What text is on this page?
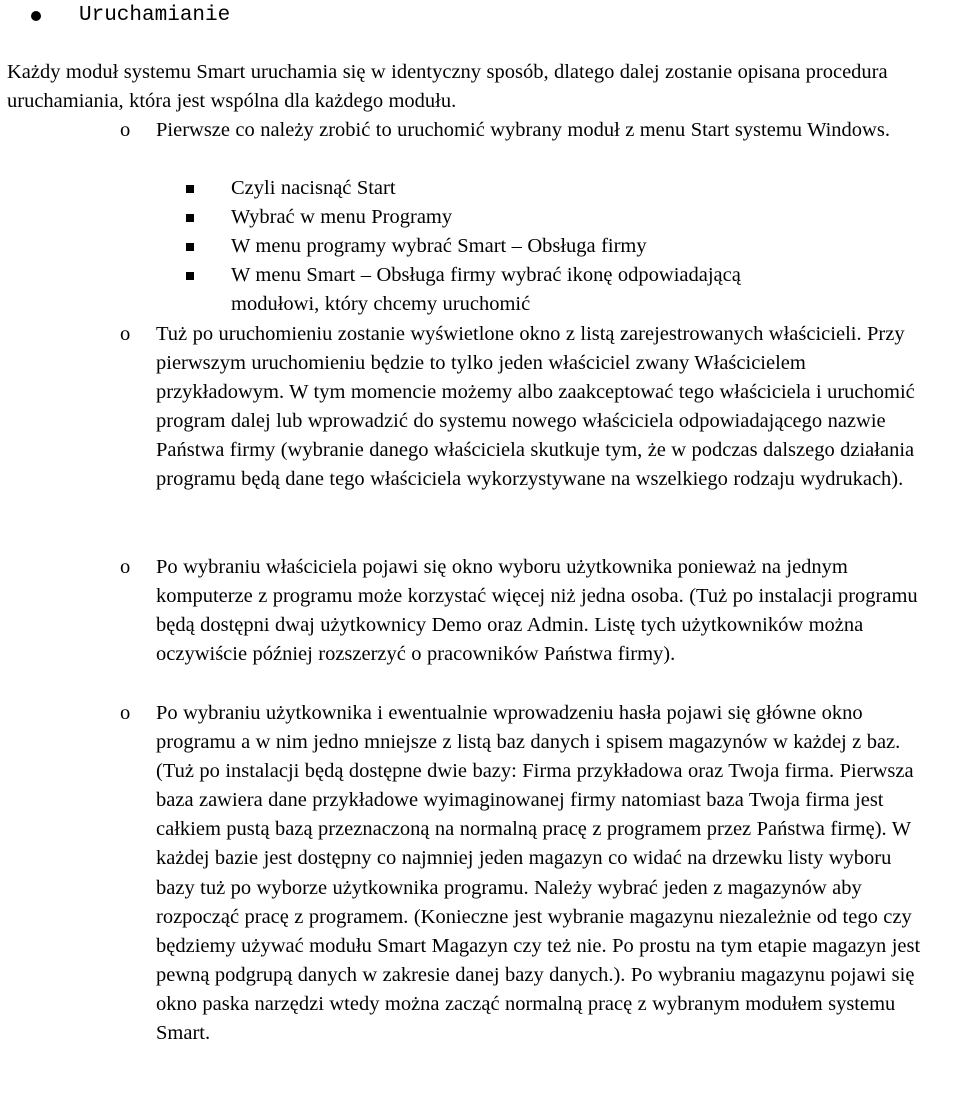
Uruchamianie

Każdy moduł systemu Smart uruchamia się w identyczny sposób, dlatego dalej zostanie opisana procedura uruchamiania, która jest wspólna dla każdego modułu.

o	Pierwsze co należy zrobić to uruchomić wybrany moduł z menu Start systemu Windows.
Czyli nacisnąć Start
Wybrać w menu Programy
W menu programy wybrać Smart – Obsługa firmy
W menu Smart – Obsługa firmy wybrać ikonę odpowiadającą modułowi, który chcemy uruchomić
o	Tuż po uruchomieniu zostanie wyświetlone okno z listą zarejestrowanych właścicieli. Przy pierwszym uruchomieniu będzie to tylko jeden właściciel zwany Właścicielem przykładowym. W tym momencie możemy albo zaakceptować tego właściciela i uruchomić program dalej lub wprowadzić do systemu nowego właściciela odpowiadającego nazwie Państwa firmy (wybranie danego właściciela skutkuje tym, że w podczas dalszego działania programu będą dane tego właściciela wykorzystywane na wszelkiego rodzaju wydrukach).
o	Po wybraniu właściciela pojawi się okno wyboru użytkownika ponieważ na jednym komputerze z programu może korzystać więcej niż jedna osoba. (Tuż po instalacji programu będą dostępni dwaj użytkownicy Demo oraz Admin. Listę tych użytkowników można oczywiście później rozszerzyć o pracowników Państwa firmy).
o	Po wybraniu użytkownika i ewentualnie wprowadzeniu hasła pojawi się główne okno programu a w nim jedno mniejsze z listą baz danych i spisem magazynów w każdej z baz. (Tuż po instalacji będą dostępne dwie bazy: Firma przykładowa oraz Twoja firma. Pierwsza baza zawiera dane przykładowe wyimaginowanej firmy natomiast baza Twoja firma jest całkiem pustą bazą przeznaczoną na normalną pracę z programem przez Państwa firmę). W każdej bazie jest dostępny co najmniej jeden magazyn co widać na drzewku listy wyboru bazy tuż po wyborze użytkownika programu. Należy wybrać jeden z magazynów aby rozpocząć pracę z programem. (Konieczne jest wybranie magazynu niezależnie od tego czy będziemy używać modułu Smart Magazyn czy też nie. Po prostu na tym etapie magazyn jest pewną podgrupą danych w zakresie danej bazy danych.). Po wybraniu magazynu pojawi się okno paska narzędzi wtedy można zacząć normalną pracę z wybranym modułem systemu Smart.
